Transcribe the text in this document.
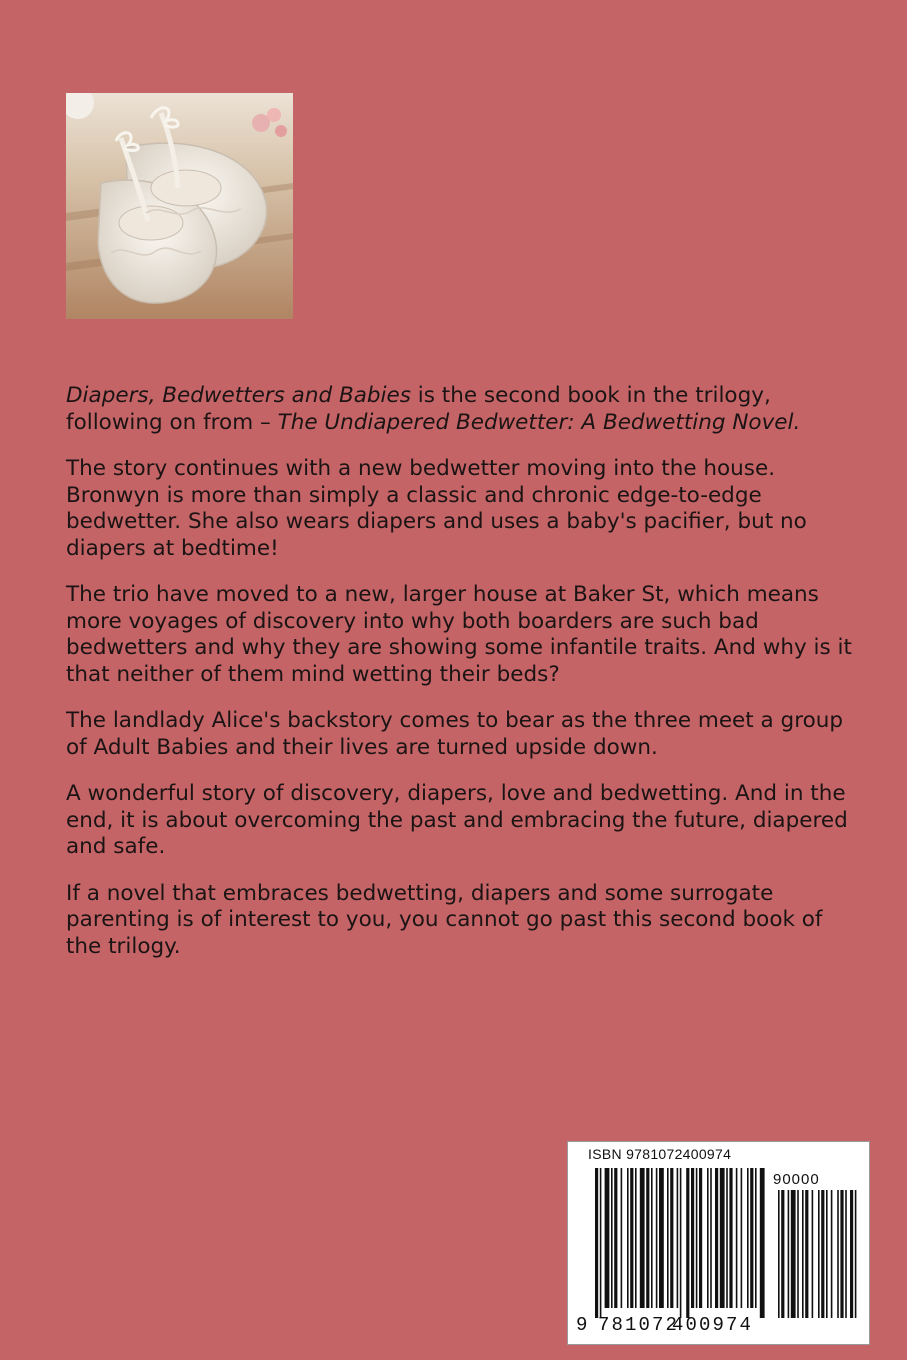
Diapers, Bedwetters and Babies is the second book in the trilogy, following on from – The Undiapered Bedwetter: A Bedwetting Novel.

The story continues with a new bedwetter moving into the house. Bronwyn is more than simply a classic and chronic edge-to-edge bedwetter. She also wears diapers and uses a baby's pacifier, but no diapers at bedtime!

The trio have moved to a new, larger house at Baker St, which means more voyages of discovery into why both boarders are such bad bedwetters and why they are showing some infantile traits. And why is it that neither of them mind wetting their beds?

The landlady Alice's backstory comes to bear as the three meet a group of Adult Babies and their lives are turned upside down.

A wonderful story of discovery, diapers, love and bedwetting. And in the end, it is about overcoming the past and embracing the future, diapered and safe.

If a novel that embraces bedwetting, diapers and some surrogate parenting is of interest to you, you cannot go past this second book of the trilogy.

ISBN 9781072400974
90000
9 781072
400974
